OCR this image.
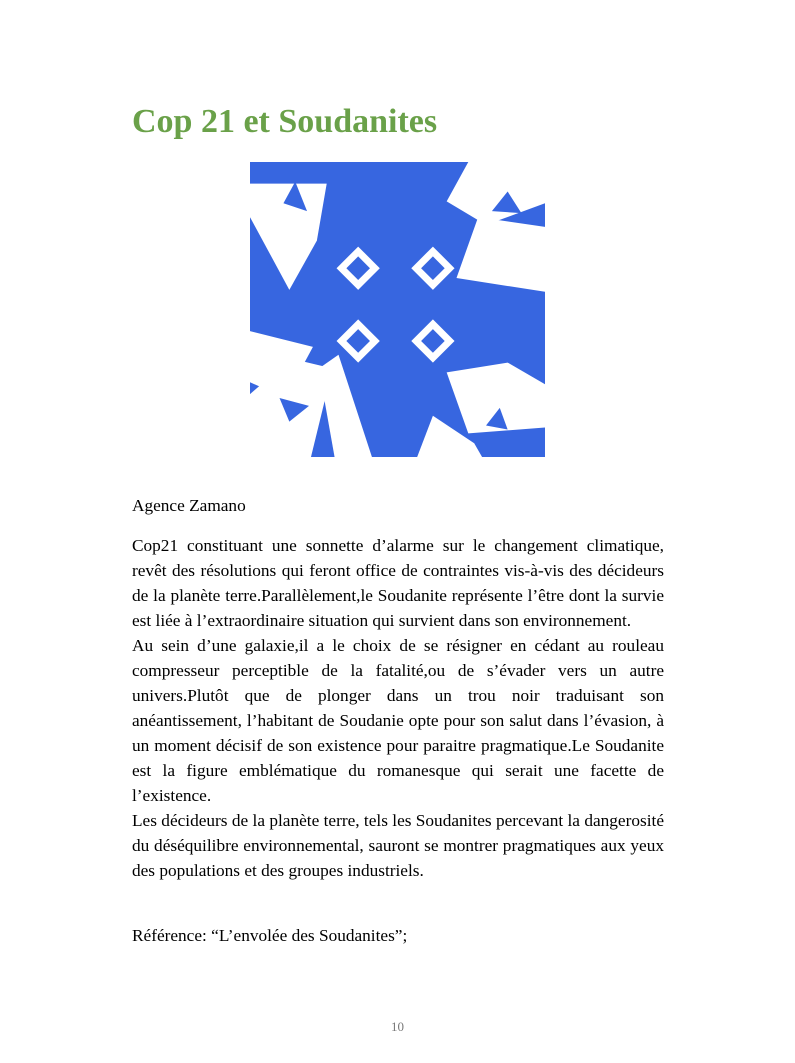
Cop 21 et Soudanites

Agence Zamano

Cop21 constituant une sonnette d’alarme sur le changement climatique, revêt des résolutions qui feront office de contraintes vis-à-vis des décideurs de la planète terre.Parallèlement,le Soudanite représente l’être dont la survie est liée à l’extraordinaire situation qui survient dans son environnement.

Au sein d’une galaxie,il a le choix de se résigner en cédant au rouleau compresseur perceptible de la fatalité,ou de s’évader vers un autre univers.Plutôt que de plonger dans un trou noir traduisant son anéantissement, l’habitant de Soudanie opte pour son salut dans l’évasion, à un moment décisif de son existence pour paraitre pragmatique.Le Soudanite est la figure emblématique du romanesque qui serait une facette de l’existence.

Les décideurs de la planète terre, tels les Soudanites percevant la dangerosité du déséquilibre environnemental, sauront se montrer pragmatiques aux yeux des populations et des groupes industriels.

Référence: “L’envolée des Soudanites”;

10
